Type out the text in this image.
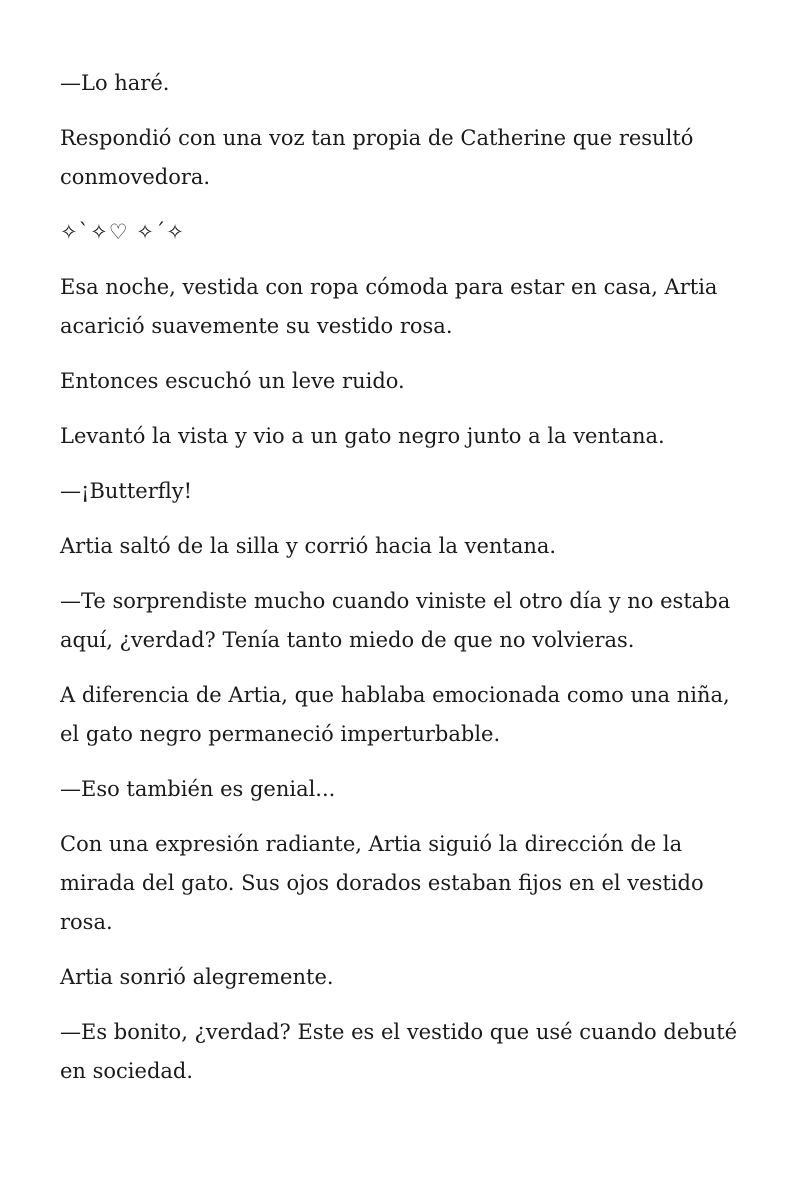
—Lo haré.

Respondió con una voz tan propia de Catherine que resultó conmovedora.

✧`✧♡ ✧´✧

Esa noche, vestida con ropa cómoda para estar en casa, Artia acarició suavemente su vestido rosa.

Entonces escuchó un leve ruido.

Levantó la vista y vio a un gato negro junto a la ventana.

—¡Butterfly!

Artia saltó de la silla y corrió hacia la ventana.

—Te sorprendiste mucho cuando viniste el otro día y no estaba aquí, ¿verdad? Tenía tanto miedo de que no volvieras.

A diferencia de Artia, que hablaba emocionada como una niña, el gato negro permaneció imperturbable.

—Eso también es genial...

Con una expresión radiante, Artia siguió la dirección de la mirada del gato. Sus ojos dorados estaban fijos en el vestido rosa.

Artia sonrió alegremente.

—Es bonito, ¿verdad? Este es el vestido que usé cuando debuté en sociedad.
